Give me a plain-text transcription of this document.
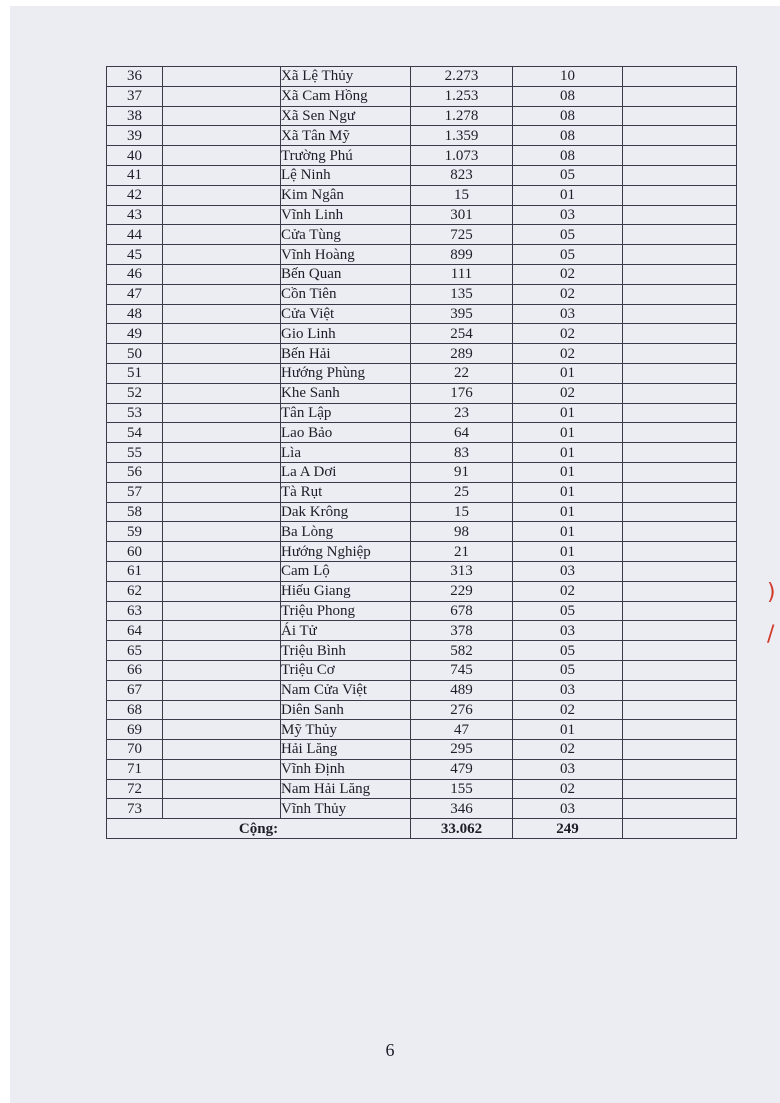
36		Xã Lệ Thủy	2.273	10	
37		Xã Cam Hồng	1.253	08	
38		Xã Sen Ngư	1.278	08	
39		Xã Tân Mỹ	1.359	08	
40		Trường Phú	1.073	08	
41		Lệ Ninh	823	05	
42		Kim Ngân	15	01	
43		Vĩnh Linh	301	03	
44		Cửa Tùng	725	05	
45		Vĩnh Hoàng	899	05	
46		Bến Quan	111	02	
47		Cồn Tiên	135	02	
48		Cửa Việt	395	03	
49		Gio Linh	254	02	
50		Bến Hải	289	02	
51		Hướng Phùng	22	01	
52		Khe Sanh	176	02	
53		Tân Lập	23	01	
54		Lao Bảo	64	01	
55		Lìa	83	01	
56		La A Dơi	91	01	
57		Tà Rụt	25	01	
58		Dak Krông	15	01	
59		Ba Lòng	98	01	
60		Hướng Nghiệp	21	01	
61		Cam Lộ	313	03	
62		Hiếu Giang	229	02	
63		Triệu Phong	678	05	
64		Ái Tử	378	03	
65		Triệu Bình	582	05	
66		Triệu Cơ	745	05	
67		Nam Cửa Việt	489	03	
68		Diên Sanh	276	02	
69		Mỹ Thủy	47	01	
70		Hải Lăng	295	02	
71		Vĩnh Định	479	03	
72		Nam Hải Lăng	155	02	
73		Vĩnh Thủy	346	03	
Cộng:			33.062	249	
6
)
/
